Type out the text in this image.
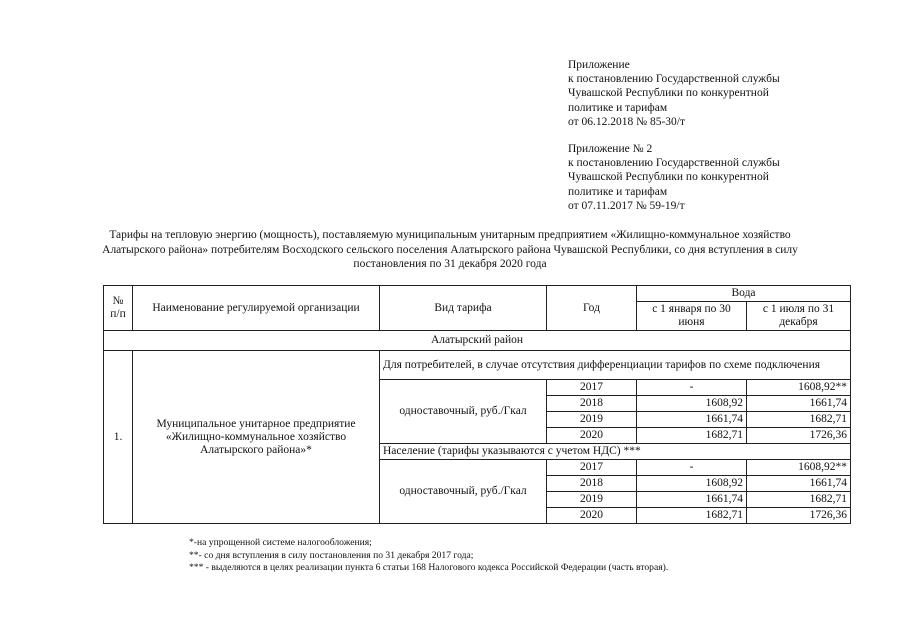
Приложение
к постановлению Государственной службы
Чувашской Республики по конкурентной
политике и тарифам
от 06.12.2018 № 85-30/т
Приложение № 2
к постановлению Государственной службы
Чувашской Республики по конкурентной
политике и тарифам
от 07.11.2017 № 59-19/т
Тарифы на тепловую энергию (мощность), поставляемую муниципальным унитарным предприятием «Жилищно-коммунальное хозяйство Алатырского района» потребителям Восходского сельского поселения Алатырского района Чувашской Республики, со дня вступления в силу постановления по 31 декабря 2020 года
№ п/п	Наименование регулируемой организации	Вид тарифа	Год	Вода	
				с 1 января по 30 июня	с 1 июля по 31 декабря
Алатырский район					
1.	Муниципальное унитарное предприятие «Жилищно-коммунальное хозяйство Алатырского района»*	Для потребителей, в случае отсутствия дифференциации тарифов по схеме подключения			
		одноставочный, руб./Гкал	2017	-	1608,92**
			2018	1608,92	1661,74
			2019	1661,74	1682,71
			2020	1682,71	1726,36
		Население (тарифы указываются с учетом НДС) ***			
		одноставочный, руб./Гкал	2017	-	1608,92**
			2018	1608,92	1661,74
			2019	1661,74	1682,71
			2020	1682,71	1726,36
*-на упрощенной системе налогообложения;
**- со дня вступления в силу постановления по 31 декабря 2017 года;
*** - выделяются в целях реализации пункта 6 статьи 168 Налогового кодекса Российской Федерации (часть вторая).
